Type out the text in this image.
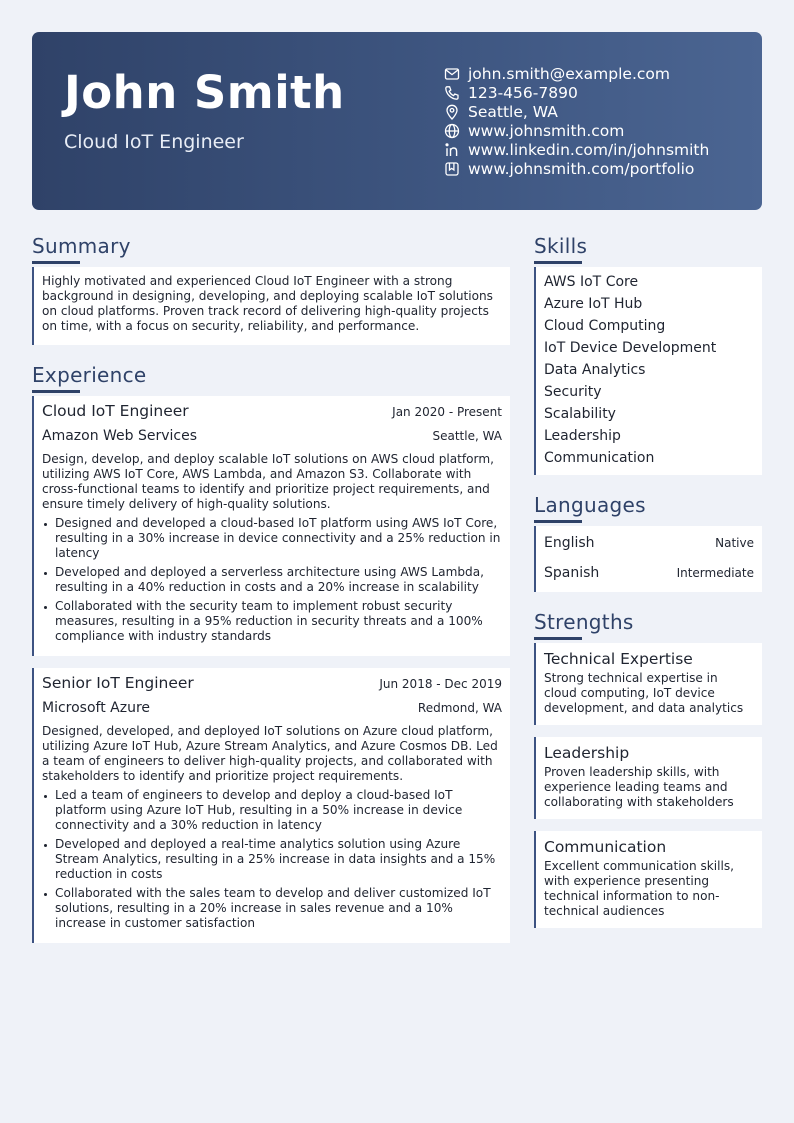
John Smith
Cloud IoT Engineer
john.smith@example.com
123-456-7890
Seattle, WA
www.johnsmith.com
www.linkedin.com/in/johnsmith
www.johnsmith.com/portfolio
Summary

Highly motivated and experienced Cloud IoT Engineer with a strong background in designing, developing, and deploying scalable IoT solutions on cloud platforms. Proven track record of delivering high-quality projects on time, with a focus on security, reliability, and performance.

Experience
Cloud IoT Engineer	Jan 2020 - Present
Amazon Web Services	Seattle, WA

Design, develop, and deploy scalable IoT solutions on AWS cloud platform, utilizing AWS IoT Core, AWS Lambda, and Amazon S3. Collaborate with cross-functional teams to identify and prioritize project requirements, and ensure timely delivery of high-quality solutions.

Designed and developed a cloud-based IoT platform using AWS IoT Core, resulting in a 30% increase in device connectivity and a 25% reduction in latency
Developed and deployed a serverless architecture using AWS Lambda, resulting in a 40% reduction in costs and a 20% increase in scalability
Collaborated with the security team to implement robust security measures, resulting in a 95% reduction in security threats and a 100% compliance with industry standards
Senior IoT Engineer	Jun 2018 - Dec 2019
Microsoft Azure	Redmond, WA

Designed, developed, and deployed IoT solutions on Azure cloud platform, utilizing Azure IoT Hub, Azure Stream Analytics, and Azure Cosmos DB. Led a team of engineers to deliver high-quality projects, and collaborated with stakeholders to identify and prioritize project requirements.

Led a team of engineers to develop and deploy a cloud-based IoT platform using Azure IoT Hub, resulting in a 50% increase in device connectivity and a 30% reduction in latency
Developed and deployed a real-time analytics solution using Azure Stream Analytics, resulting in a 25% increase in data insights and a 15% reduction in costs
Collaborated with the sales team to develop and deliver customized IoT solutions, resulting in a 20% increase in sales revenue and a 10% increase in customer satisfaction
Skills
AWS IoT Core
Azure IoT Hub
Cloud Computing
IoT Device Development
Data Analytics
Security
Scalability
Leadership
Communication
Languages
English	Native
Spanish	Intermediate
Strengths
Technical Expertise

Strong technical expertise in cloud computing, IoT device development, and data analytics

Leadership

Proven leadership skills, with experience leading teams and collaborating with stakeholders

Communication

Excellent communication skills, with experience presenting technical information to non-technical audiences
